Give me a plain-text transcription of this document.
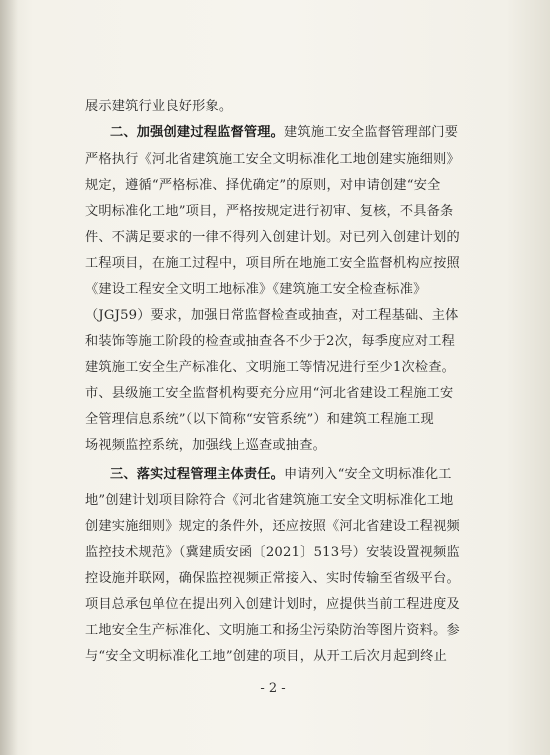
展示建筑行业良好形象。
二、加强创建过程监督管理。建筑施工安全监督管理部门要
严格执行《河北省建筑施工安全文明标准化工地创建实施细则》
规定，遵循“严格标准、择优确定”的原则，对申请创建“安全
文明标准化工地”项目，严格按规定进行初审、复核，不具备条
件、不满足要求的一律不得列入创建计划。对已列入创建计划的
工程项目，在施工过程中，项目所在地施工安全监督机构应按照
《建设工程安全文明工地标准》《建筑施工安全检查标准》
（JGJ59）要求，加强日常监督检查或抽查，对工程基础、主体
和装饰等施工阶段的检查或抽查各不少于2次，每季度应对工程
建筑施工安全生产标准化、文明施工等情况进行至少1次检查。
市、县级施工安全监督机构要充分应用“河北省建设工程施工安
全管理信息系统”（以下简称“安管系统”）和建筑工程施工现
场视频监控系统，加强线上巡查或抽查。
三、落实过程管理主体责任。申请列入“安全文明标准化工
地”创建计划项目除符合《河北省建筑施工安全文明标准化工地
创建实施细则》规定的条件外，还应按照《河北省建设工程视频
监控技术规范》（冀建质安函〔2021〕513号）安装设置视频监
控设施并联网，确保监控视频正常接入、实时传输至省级平台。
项目总承包单位在提出列入创建计划时，应提供当前工程进度及
工地安全生产标准化、文明施工和扬尘污染防治等图片资料。参
与“安全文明标准化工地”创建的项目，从开工后次月起到终止
- 2 -
